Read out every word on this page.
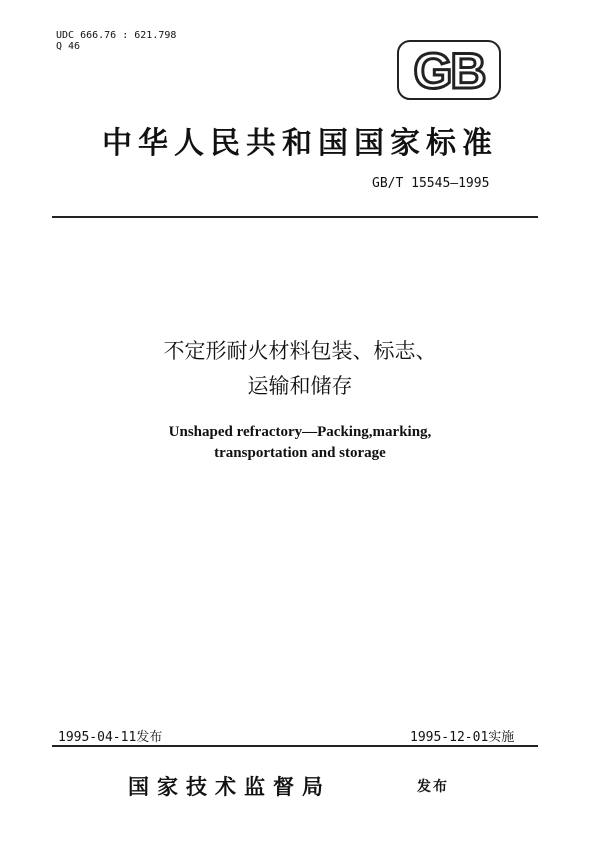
UDC 666.76 : 621.798
Q 46	GB
中华人民共和国国家标准
GB/T 15545—1995
不定形耐火材料包装、标志、
运输和储存
Unshaped refractory—Packing,marking,
transportation and storage
1995-04-11发布	1995-12-01实施
国家技术监督局	发布
